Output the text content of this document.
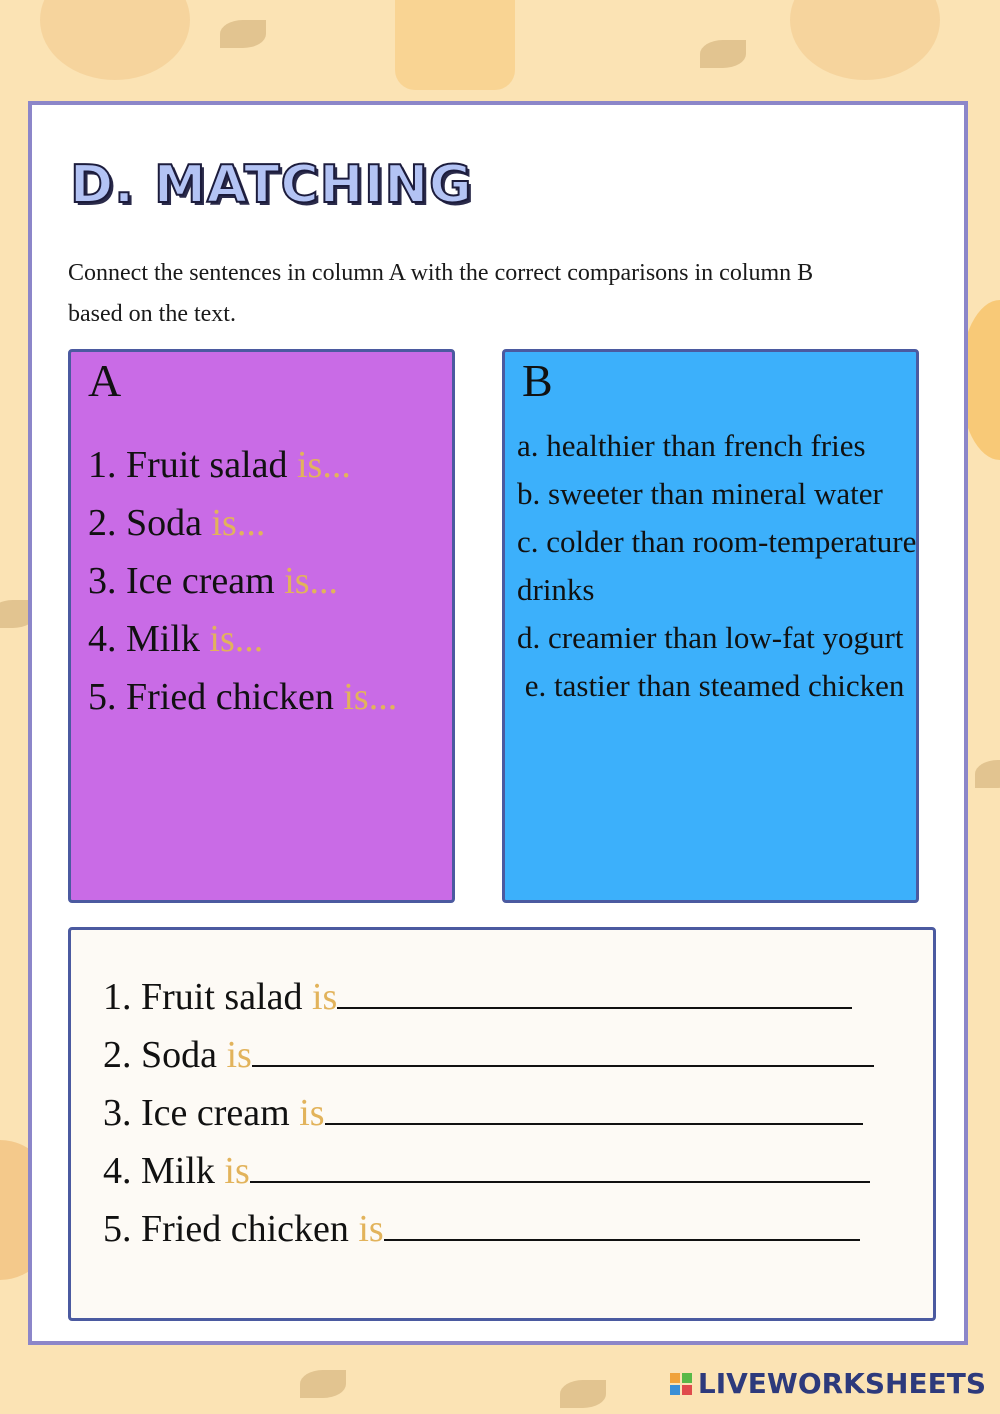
D. MATCHING

Connect the sentences in column A with the correct comparisons in column B based on the text.

A
1. Fruit salad is...
2. Soda is...
3. Ice cream is...
4. Milk is...
5. Fried chicken is...
B
a. healthier than french fries
b. sweeter than mineral water
c. colder than room-temperature drinks
d. creamier than low-fat yogurt
e. tastier than steamed chicken
1. Fruit salad is
2. Soda is
3. Ice cream is
4. Milk is
5. Fried chicken is
LIVEWORKSHEETS
